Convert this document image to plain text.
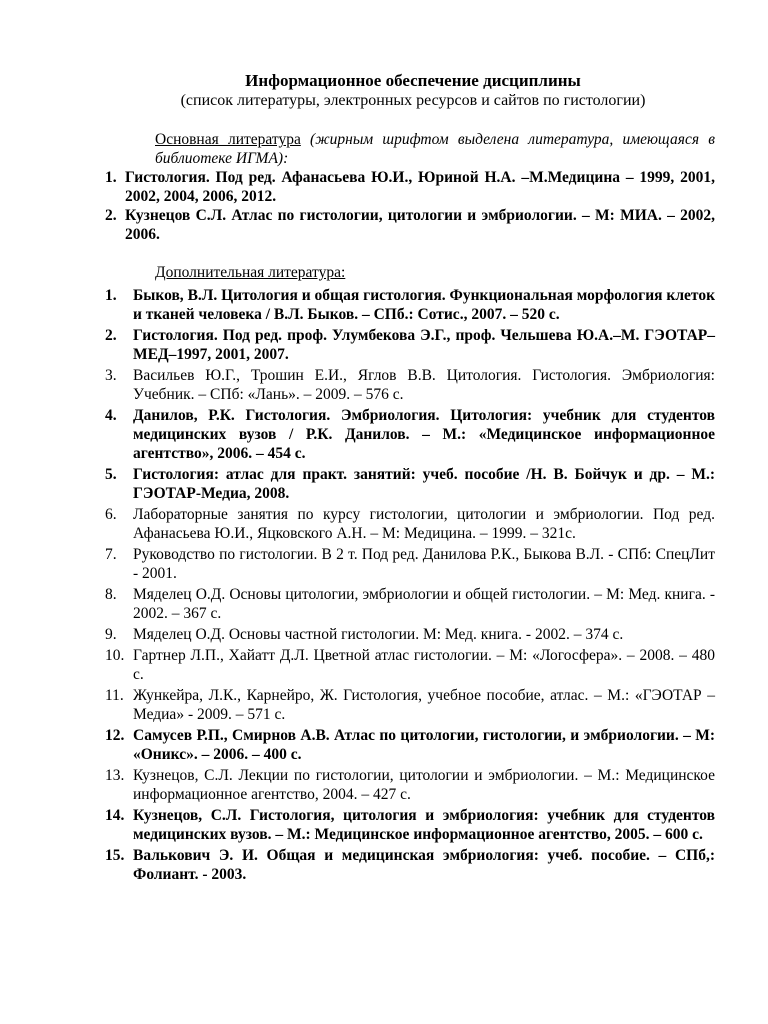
Информационное обеспечение дисциплины

(список литературы, электронных ресурсов и сайтов по гистологии)

Основная литература (жирным шрифтом выделена литература, имеющаяся в библиотеке ИГМА):
1. Гистология. Под ред. Афанасьева Ю.И., Юриной Н.А. –М.Медицина – 1999, 2001, 2002, 2004, 2006, 2012.
2. Кузнецов С.Л. Атлас по гистологии, цитологии и эмбриологии. – М: МИА. – 2002, 2006.
Дополнительная литература:
1.	Быков, В.Л. Цитология и общая гистология. Функциональная морфология клеток и тканей человека / В.Л. Быков. – СПб.: Сотис., 2007. – 520 с.
2.	Гистология. Под ред. проф. Улумбекова Э.Г., проф. Чельшева Ю.А.–М. ГЭОТАР–МЕД–1997, 2001, 2007.
3.	Васильев Ю.Г., Трошин Е.И., Яглов В.В. Цитология. Гистология. Эмбриология: Учебник. – СПб: «Лань». – 2009. – 576 с.
4.	Данилов, Р.К. Гистология. Эмбриология. Цитология: учебник для студентов медицинских вузов / Р.К. Данилов. – М.: «Медицинское информационное агентство», 2006. – 454 с.
5.	Гистология: атлас для практ. занятий: учеб. пособие /Н. В. Бойчук и др. – М.: ГЭОТАР-Медиа, 2008.
6.	Лабораторные занятия по курсу гистологии, цитологии и эмбриологии. Под ред. Афанасьева Ю.И., Яцковского А.Н. – М: Медицина. – 1999. – 321с.
7.	Руководство по гистологии. В 2 т. Под ред. Данилова Р.К., Быкова В.Л. - СПб: СпецЛит - 2001.
8.	Мяделец О.Д. Основы цитологии, эмбриологии и общей гистологии. – М: Мед. книга. - 2002. – 367 с.
9.	Мяделец О.Д. Основы частной гистологии. М: Мед. книга. - 2002. – 374 с.
10. Гартнер Л.П., Хайатт Д.Л. Цветной атлас гистологии. – М: «Логосфера». – 2008. – 480 с.
11. Жункейра, Л.К., Карнейро, Ж. Гистология, учебное пособие, атлас. – М.: «ГЭОТАР – Медиа» - 2009. – 571 с.
12. Самусев Р.П., Смирнов А.В. Атлас по цитологии, гистологии, и эмбриологии. – М: «Оникс». – 2006. – 400 с.
13. Кузнецов, С.Л. Лекции по гистологии, цитологии и эмбриологии. – М.: Медицинское информационное агентство, 2004. – 427 с.
14. Кузнецов, С.Л. Гистология, цитология и эмбриология: учебник для студентов медицинских вузов. – М.: Медицинское информационное агентство, 2005. – 600 с.
15. Валькович Э. И. Общая и медицинская эмбриология: учеб. пособие. – СПб,: Фолиант. - 2003.
